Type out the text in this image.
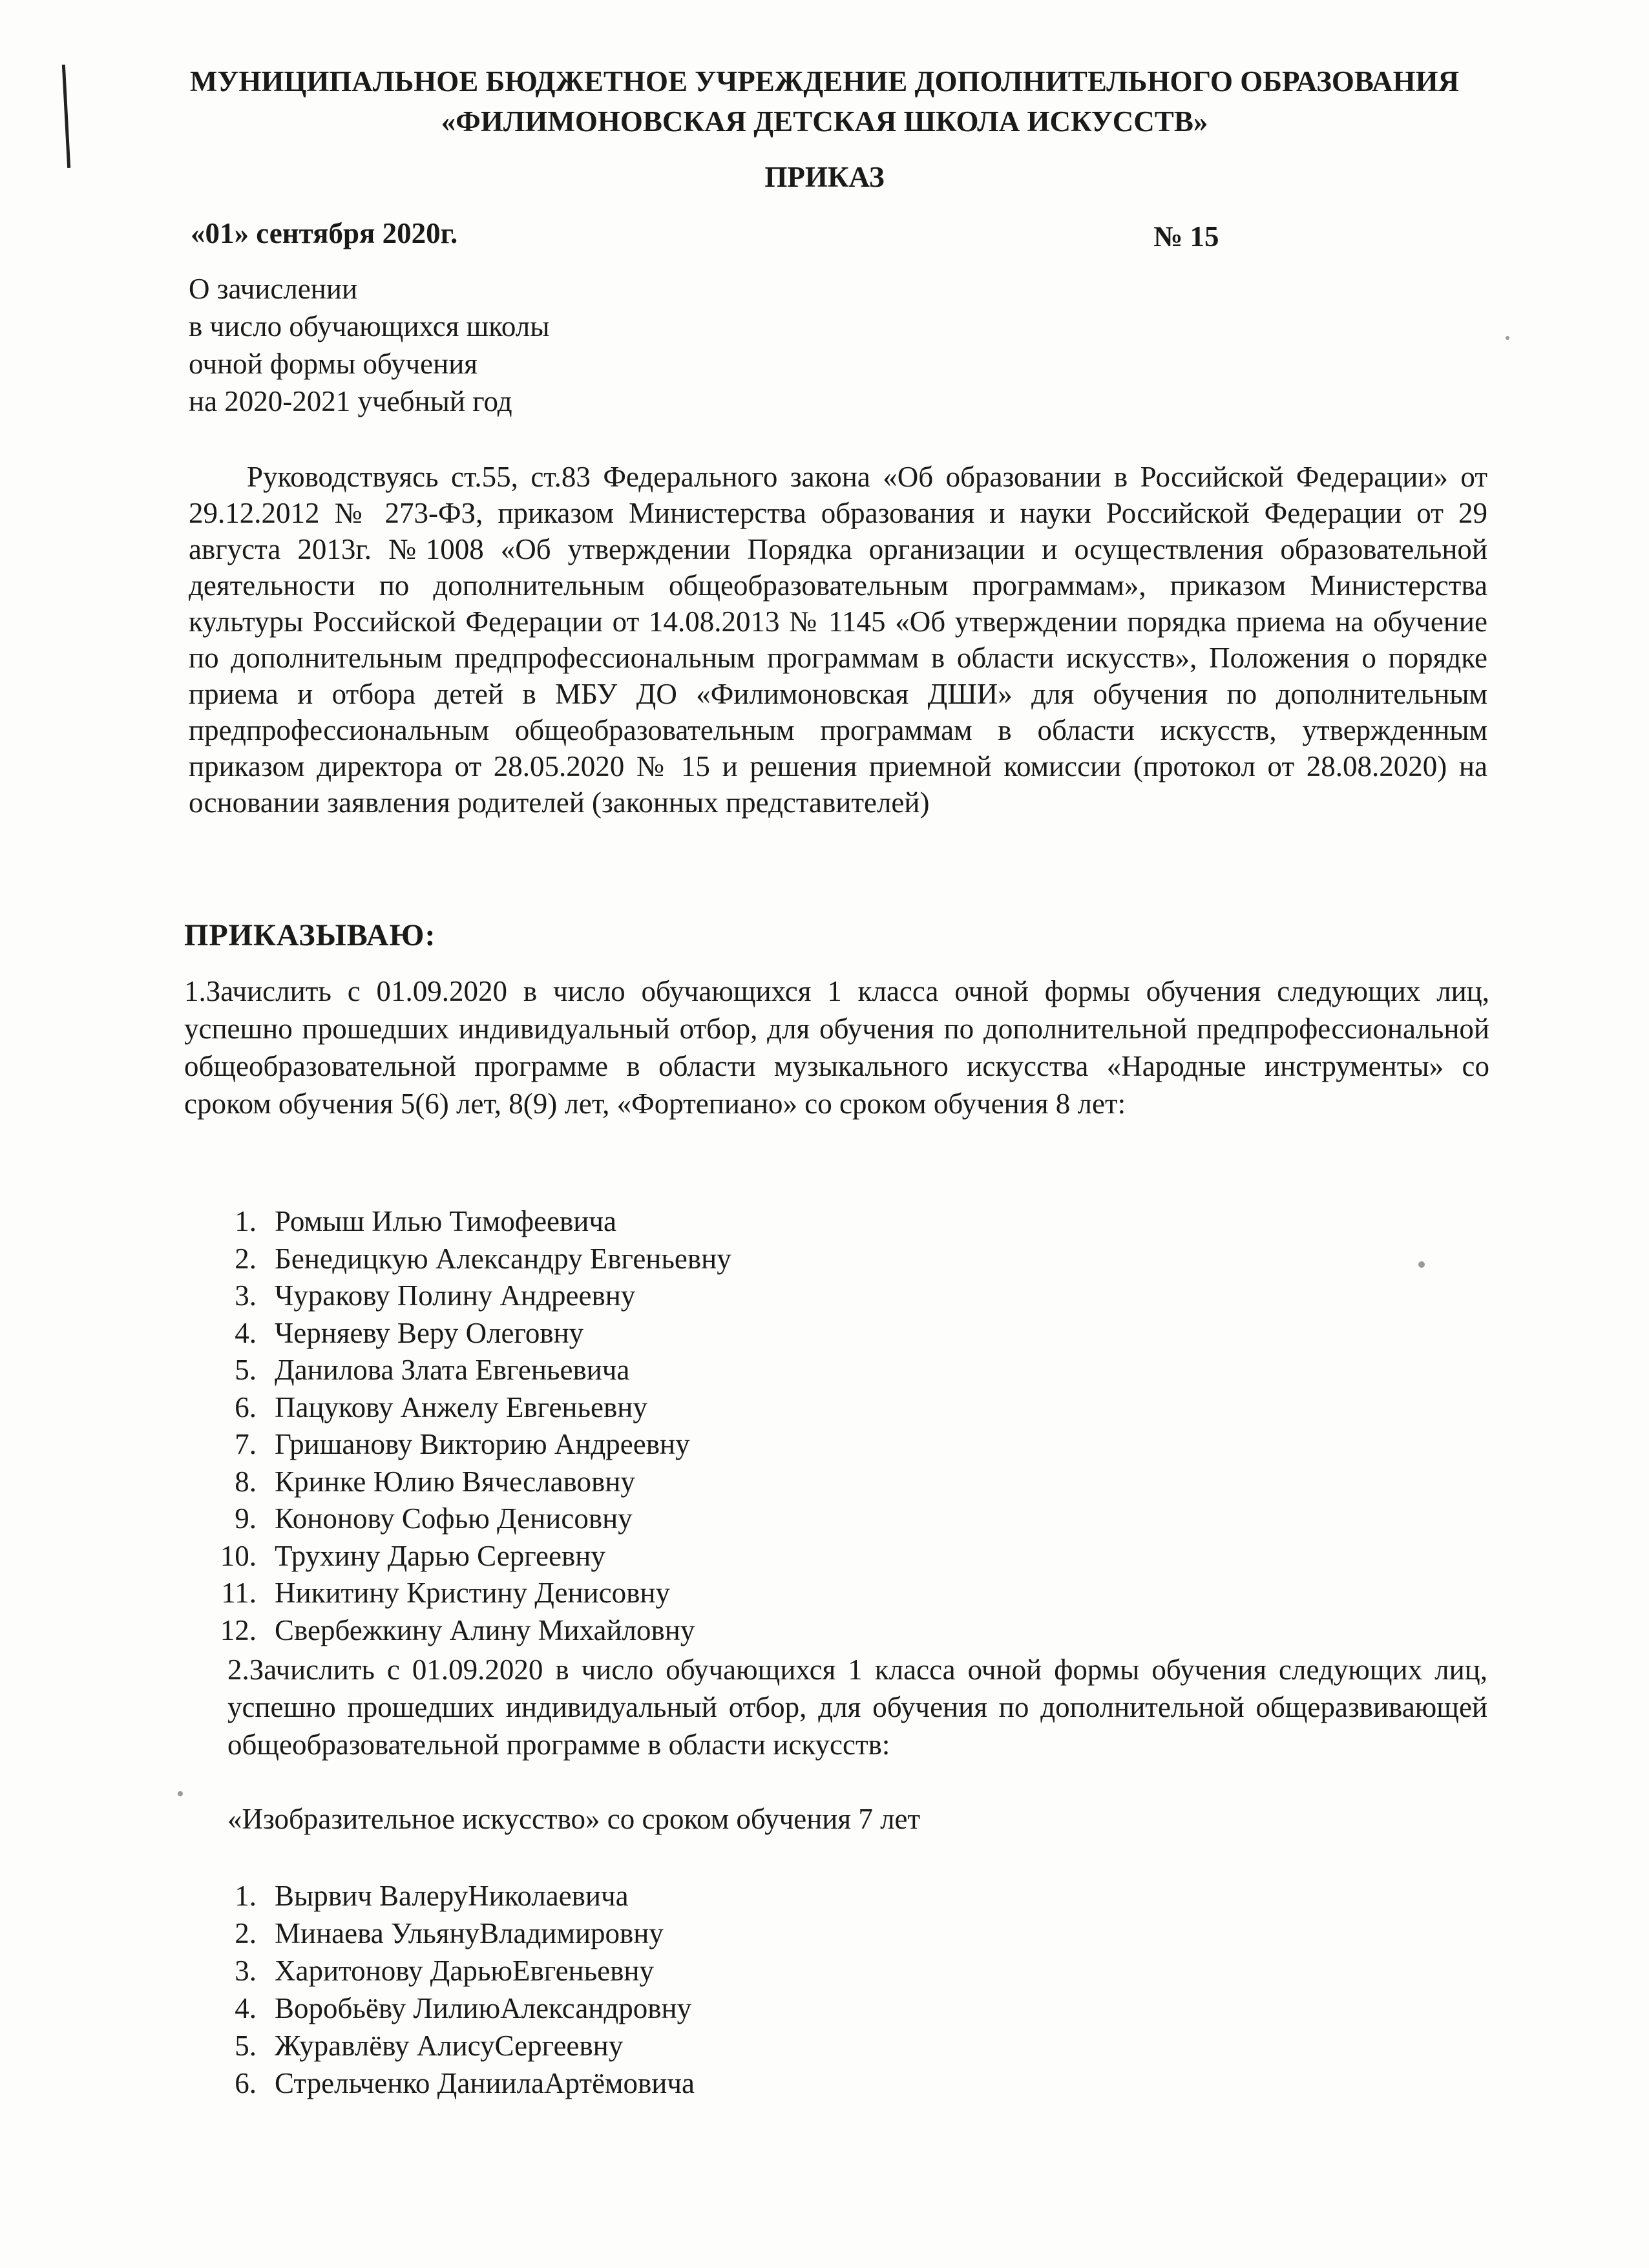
МУНИЦИПАЛЬНОЕ БЮДЖЕТНОЕ УЧРЕЖДЕНИЕ ДОПОЛНИТЕЛЬНОГО ОБРАЗОВАНИЯ
«ФИЛИМОНОВСКАЯ ДЕТСКАЯ ШКОЛА ИСКУССТВ»
ПРИКАЗ
«01» сентября 2020г.	№ 15
О зачислении
в число обучающихся школы
очной формы обучения
на 2020-2021 учебный год
Руководствуясь ст.55, ст.83 Федерального закона «Об образовании в Российской Федерации» от 29.12.2012 № 273-ФЗ, приказом Министерства образования и науки Российской Федерации от 29 августа 2013г. №1008 «Об утверждении Порядка организации и осуществления образовательной деятельности по дополнительным общеобразовательным программам», приказом Министерства культуры Российской Федерации от 14.08.2013 № 1145 «Об утверждении порядка приема на обучение по дополнительным предпрофессиональным программам в области искусств», Положения о порядке приема и отбора детей в МБУ ДО «Филимоновская ДШИ» для обучения по дополнительным предпрофессиональным общеобразовательным программам в области искусств, утвержденным приказом директора от 28.05.2020 № 15 и решения приемной комиссии (протокол от 28.08.2020) на основании заявления родителей (законных представителей)
ПРИКАЗЫВАЮ:
1.Зачислить с 01.09.2020 в число обучающихся 1 класса очной формы обучения следующих лиц, успешно прошедших индивидуальный отбор, для обучения по дополнительной предпрофессиональной общеобразовательной программе в области музыкального искусства «Народные инструменты» со сроком обучения 5(6) лет, 8(9) лет, «Фортепиано» со сроком обучения 8 лет:
1. Ромыш Илью Тимофеевича
2. Бенедицкую Александру Евгеньевну
3. Чуракову Полину Андреевну
4. Черняеву Веру Олеговну
5. Данилова Злата Евгеньевича
6. Пацукову Анжелу Евгеньевну
7. Гришанову Викторию Андреевну
8. Кринке Юлию Вячеславовну
9. Кононову Софью Денисовну
10. Трухину Дарью Сергеевну
11. Никитину Кристину Денисовну
12. Свербежкину Алину Михайловну
2.Зачислить с 01.09.2020 в число обучающихся 1 класса очной формы обучения следующих лиц, успешно прошедших индивидуальный отбор, для обучения по дополнительной общеразвивающей общеобразовательной программе в области искусств:
«Изобразительное искусство» со сроком обучения 7 лет
1. Вырвич ВалеруНиколаевича
2. Минаева УльянуВладимировну
3. Харитонову ДарьюЕвгеньевну
4. Воробьёву ЛилиюАлександровну
5. Журавлёву АлисуСергеевну
6. Стрельченко ДаниилаАртёмовича
